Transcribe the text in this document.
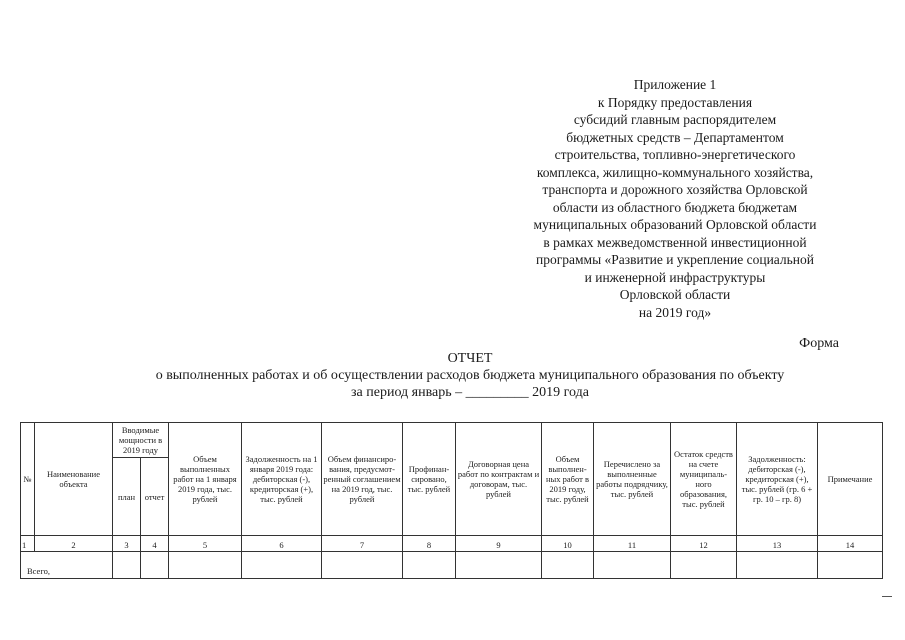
Приложение 1
к Порядку предоставления
субсидий главным распорядителем
бюджетных средств – Департаментом
строительства, топливно-энергетического
комплекса, жилищно-коммунального хозяйства,
транспорта и дорожного хозяйства Орловской
области из областного бюджета бюджетам
муниципальных образований Орловской области
в рамках межведомственной инвестиционной
программы «Развитие и укрепление социальной
и инженерной инфраструктуры
Орловской области
на 2019 год»
Форма
ОТЧЕТ
о выполненных работах и об осуществлении расходов бюджета муниципального образования по объекту
за период январь – _________ 2019 года
№	Наименование объекта	Вводимые мощности в 2019 году		Объем выполненных работ на 1 января 2019 года, тыс. рублей	Задолженность на 1 января 2019 года: дебиторская (-), кредиторская (+), тыс. рублей	Объем финансиро-вания, предусмот-ренный соглашением на 2019 год, тыс. рублей	Профинан-сировано, тыс. рублей	Договорная цена работ по контрактам и договорам, тыс. рублей	Объем выполнен-ных работ в 2019 году, тыс. рублей	Перечислено за выполненные работы подрядчику, тыс. рублей	Остаток средств на счете муниципаль-ного образования, тыс. рублей	Задолженность: дебиторская (-), кредиторская (+), тыс. рублей (гр. 6 + гр. 10 – гр. 8)	Примечание
		план	отчет										
1	2	3	4	5	6	7	8	9	10	11	12	13	14
Всего,													
